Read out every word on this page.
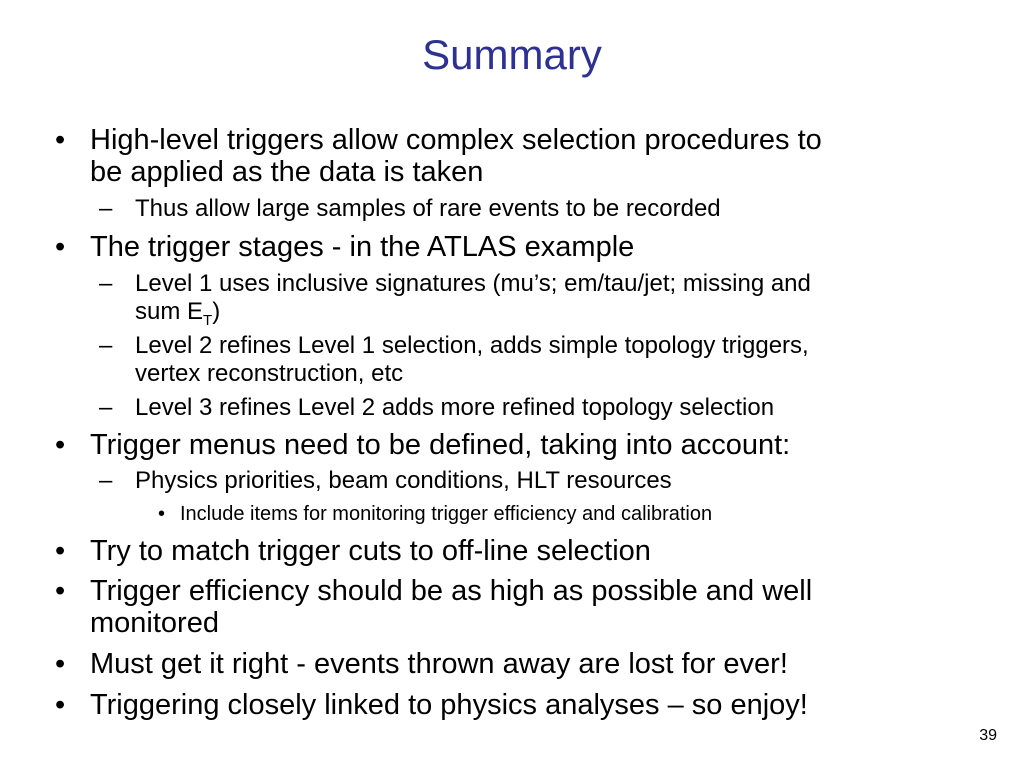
Summary
• High-level triggers allow complex selection procedures to
be applied as the data is taken
– Thus allow large samples of rare events to be recorded
• The trigger stages - in the ATLAS example
– Level 1 uses inclusive signatures (mu’s; em/tau/jet; missing and
sum $E_T$)
– Level 2 refines Level 1 selection, adds simple topology triggers,
vertex reconstruction, etc
– Level 3 refines Level 2 adds more refined topology selection
• Trigger menus need to be defined, taking into account:
– Physics priorities, beam conditions, HLT resources
• Include items for monitoring trigger efficiency and calibration
• Try to match trigger cuts to off-line selection
• Trigger efficiency should be as high as possible and well
monitored
• Must get it right - events thrown away are lost for ever!
• Triggering closely linked to physics analyses – so enjoy!
39
